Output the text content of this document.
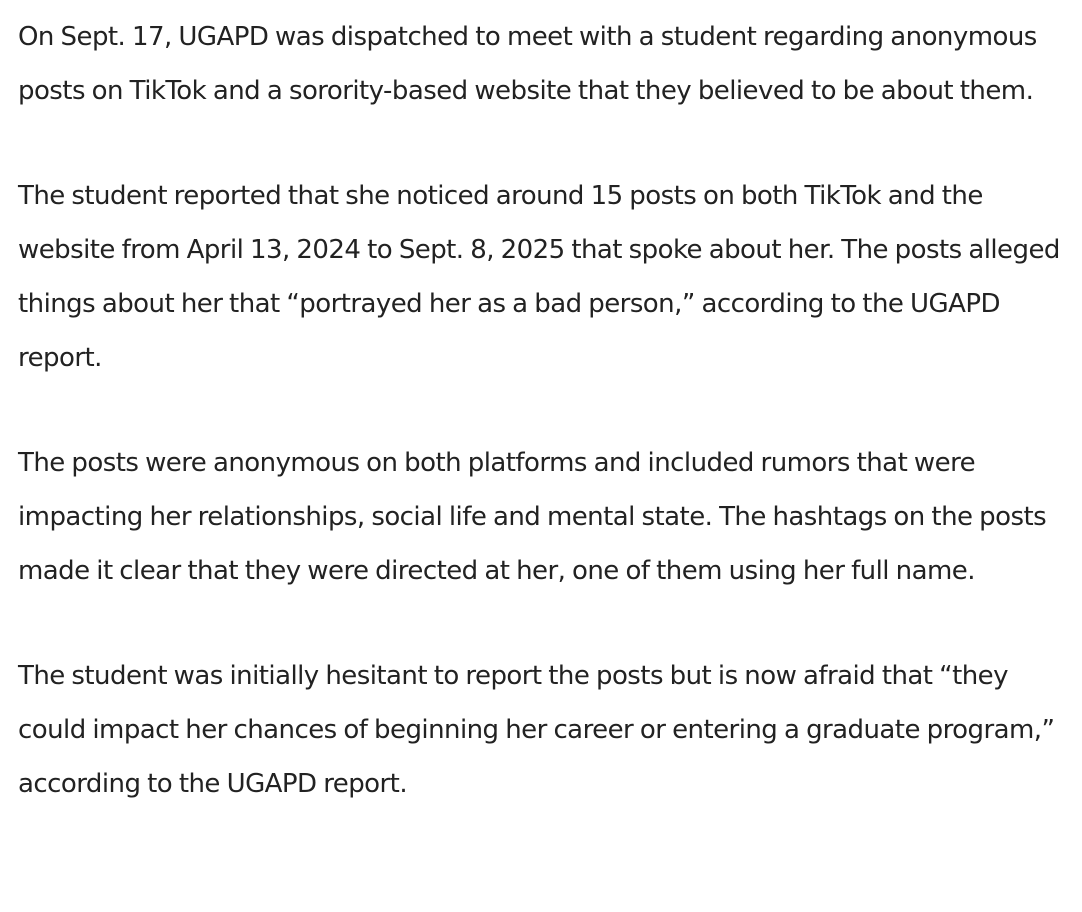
On Sept. 17, UGAPD was dispatched to meet with a student regarding anonymous posts on TikTok and a sorority-based website that they believed to be about them.

The student reported that she noticed around 15 posts on both TikTok and the website from April 13, 2024 to Sept. 8, 2025 that spoke about her. The posts alleged things about her that “portrayed her as a bad person,” according to the UGAPD report.

The posts were anonymous on both platforms and included rumors that were impacting her relationships, social life and mental state. The hashtags on the posts made it clear that they were directed at her, one of them using her full name.

The student was initially hesitant to report the posts but is now afraid that “they could impact her chances of beginning her career or entering a graduate program,” according to the UGAPD report.
